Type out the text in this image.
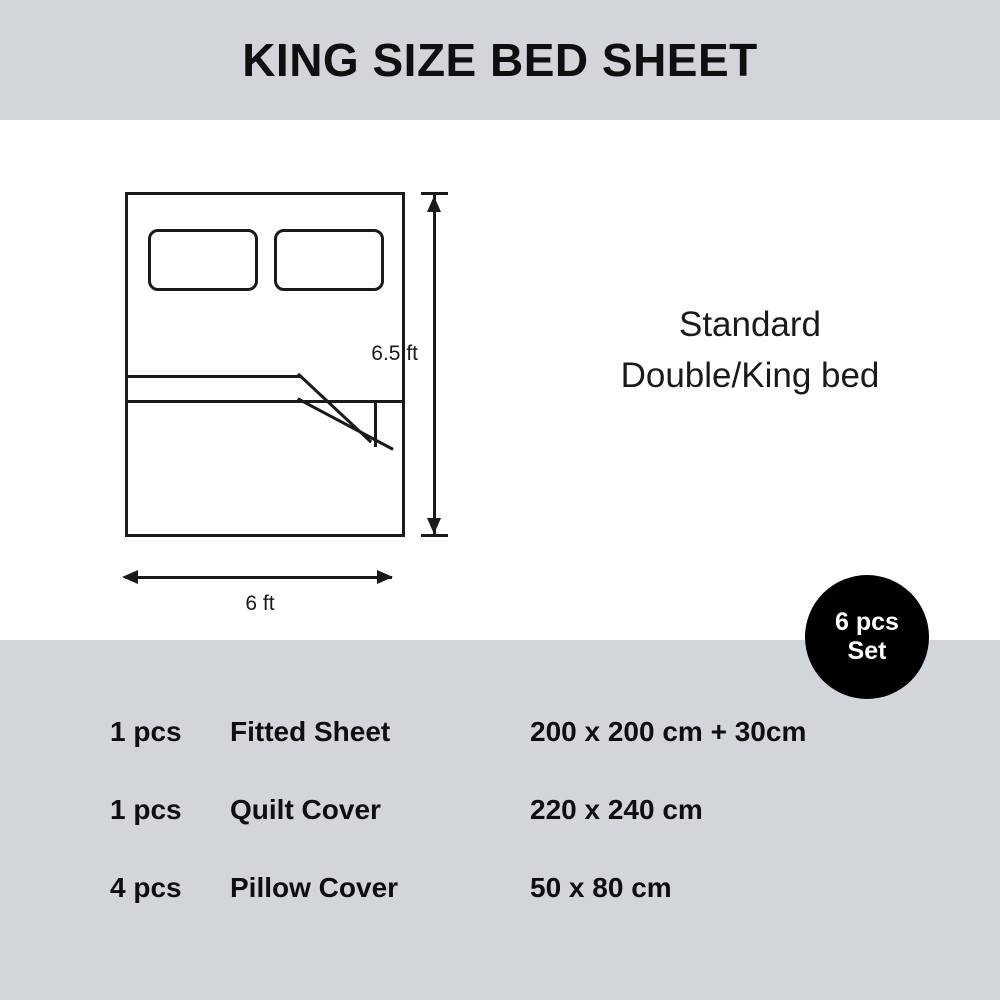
KING SIZE BED SHEET
6.5 ft
6 ft
Standard
Double/King bed
6 pcs
Set
1 pcs	Fitted Sheet	200 x 200 cm + 30cm
1 pcs	Quilt Cover	220 x 240 cm
4 pcs	Pillow Cover	50 x 80 cm
